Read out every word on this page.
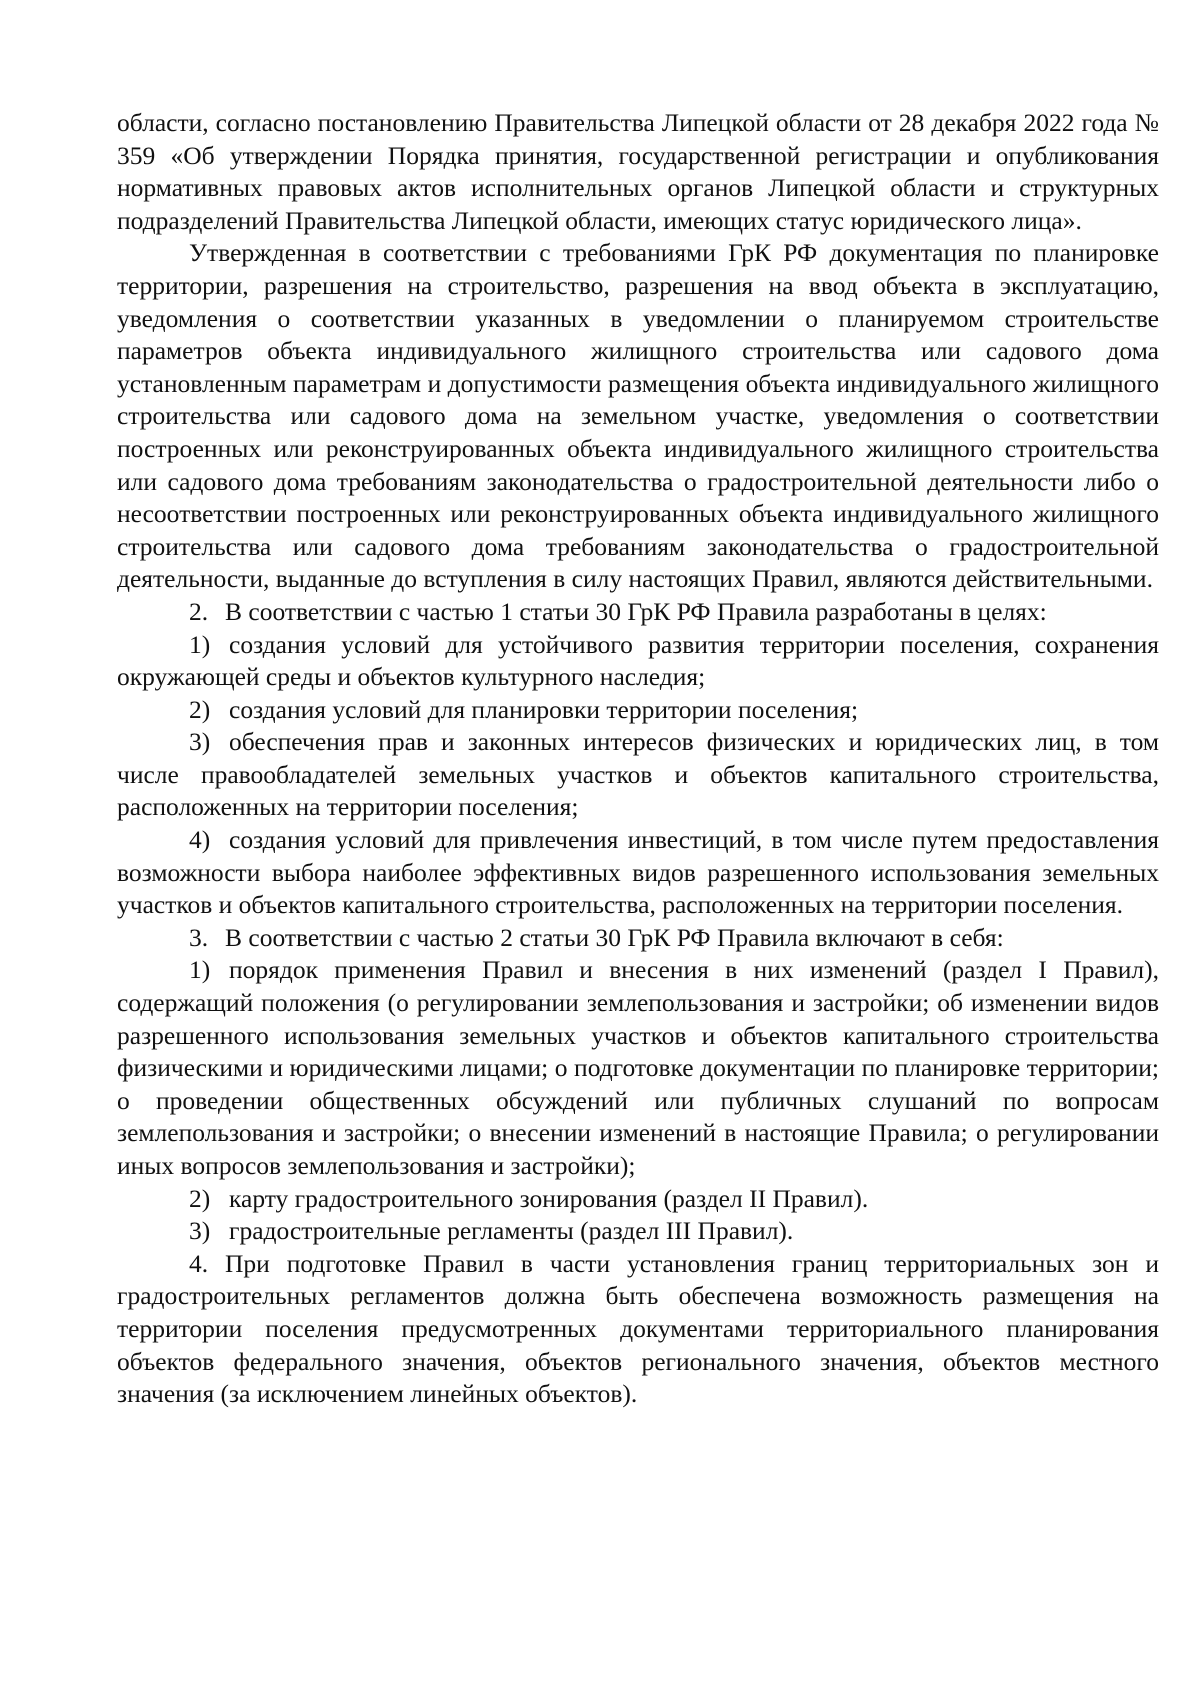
области, согласно постановлению Правительства Липецкой области от 28 декабря 2022 года № 359 «Об утверждении Порядка принятия, государственной регистрации и опубликования нормативных правовых актов исполнительных органов Липецкой области и структурных подразделений Правительства Липецкой области, имеющих статус юридического лица».

Утвержденная в соответствии с требованиями ГрК РФ документация по планировке территории, разрешения на строительство, разрешения на ввод объекта в эксплуатацию, уведомления о соответствии указанных в уведомлении о планируемом строительстве параметров объекта индивидуального жилищного строительства или садового дома установленным параметрам и допустимости размещения объекта индивидуального жилищного строительства или садового дома на земельном участке, уведомления о соответствии построенных или реконструированных объекта индивидуального жилищного строительства или садового дома требованиям законодательства о градостроительной деятельности либо о несоответствии построенных или реконструированных объекта индивидуального жилищного строительства или садового дома требованиям законодательства о градостроительной деятельности, выданные до вступления в силу настоящих Правил, являются действительными.

2. В соответствии с частью 1 статьи 30 ГрК РФ Правила разработаны в целях:

1) создания условий для устойчивого развития территории поселения, сохранения окружающей среды и объектов культурного наследия;

2) создания условий для планировки территории поселения;

3) обеспечения прав и законных интересов физических и юридических лиц, в том числе правообладателей земельных участков и объектов капитального строительства, расположенных на территории поселения;

4) создания условий для привлечения инвестиций, в том числе путем предоставления возможности выбора наиболее эффективных видов разрешенного использования земельных участков и объектов капитального строительства, расположенных на территории поселения.

3. В соответствии с частью 2 статьи 30 ГрК РФ Правила включают в себя:

1) порядок применения Правил и внесения в них изменений (раздел I Правил), содержащий положения (о регулировании землепользования и застройки; об изменении видов разрешенного использования земельных участков и объектов капитального строительства физическими и юридическими лицами; о подготовке документации по планировке территории; о проведении общественных обсуждений или публичных слушаний по вопросам землепользования и застройки; о внесении изменений в настоящие Правила; о регулировании иных вопросов землепользования и застройки);

2) карту градостроительного зонирования (раздел II Правил).

3) градостроительные регламенты (раздел III Правил).

4. При подготовке Правил в части установления границ территориальных зон и градостроительных регламентов должна быть обеспечена возможность размещения на территории поселения предусмотренных документами территориального планирования объектов федерального значения, объектов регионального значения, объектов местного значения (за исключением линейных объектов).
